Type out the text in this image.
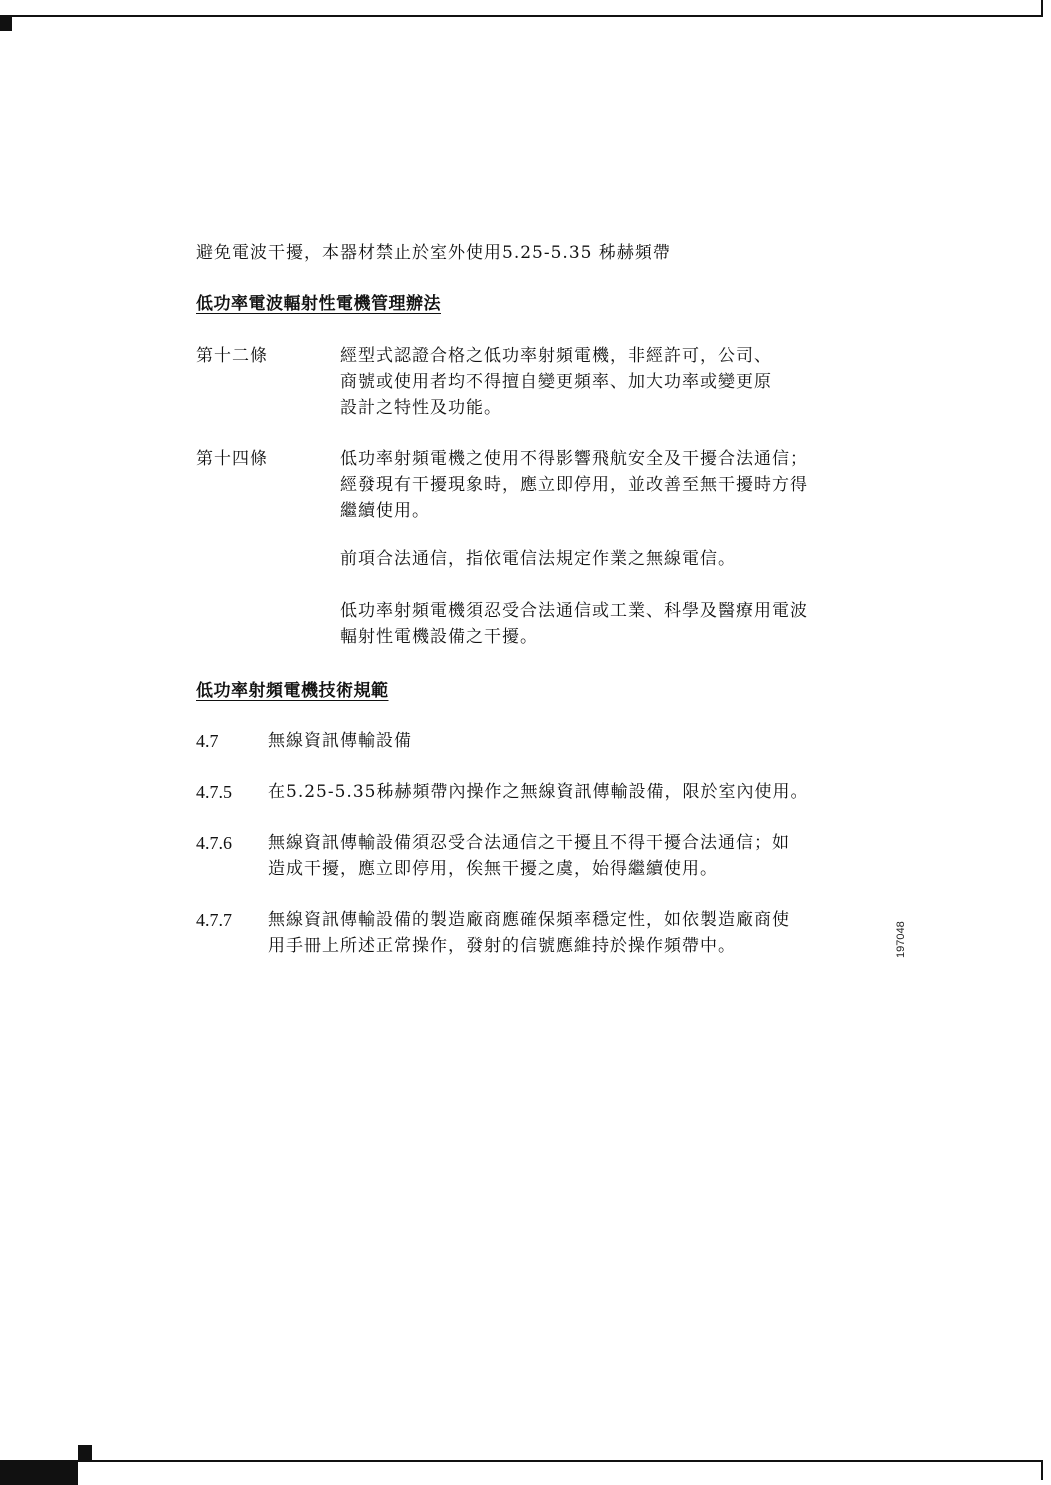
避免電波干擾，本器材禁止於室外使用5.25-5.35 秭赫頻帶
低功率電波輻射性電機管理辦法
第十二條	經型式認證合格之低功率射頻電機，非經許可，公司、
商號或使用者均不得擅自變更頻率、加大功率或變更原
設計之特性及功能。
第十四條	低功率射頻電機之使用不得影響飛航安全及干擾合法通信；
經發現有干擾現象時，應立即停用，並改善至無干擾時方得
繼續使用。
前項合法通信，指依電信法規定作業之無線電信。
低功率射頻電機須忍受合法通信或工業、科學及醫療用電波
輻射性電機設備之干擾。
低功率射頻電機技術規範
4.7	無線資訊傳輸設備
4.7.5 在5.25-5.35秭赫頻帶內操作之無線資訊傳輸設備，限於室內使用。
4.7.6 無線資訊傳輸設備須忍受合法通信之干擾且不得干擾合法通信；如
造成干擾，應立即停用，俟無干擾之虞，始得繼續使用。
4.7.7 無線資訊傳輸設備的製造廠商應確保頻率穩定性，如依製造廠商使
用手冊上所述正常操作，發射的信號應維持於操作頻帶中。	197048
